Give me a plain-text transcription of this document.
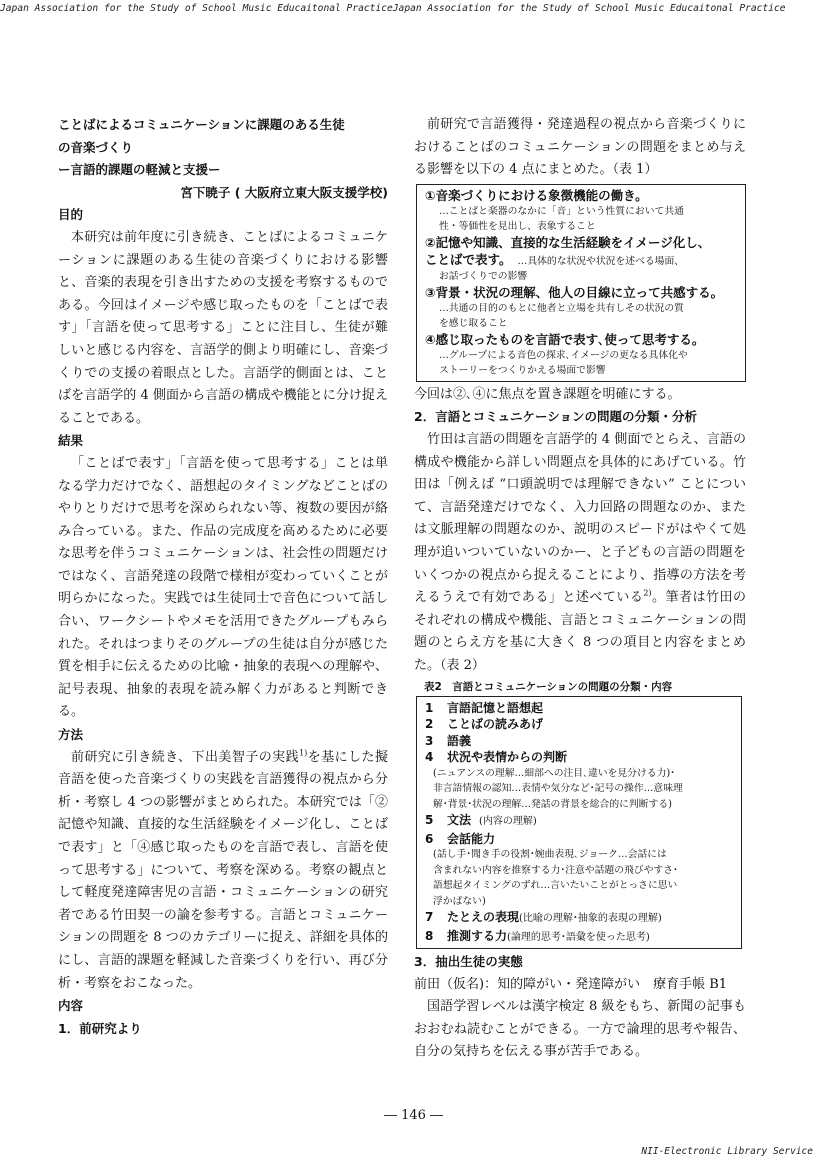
Japan Association for the Study of School Music Educaitonal PracticeJapan Association for the Study of School Music Educaitonal Practice

ことばによるコミュニケーションに課題のある生徒

の音楽づくり

ー言語的課題の軽減と支援ー

宮下暁子 ( 大阪府立東大阪支援学校)

目的

本研究は前年度に引き続き、ことばによるコミュニケーションに課題のある生徒の音楽づくりにおける影響と、音楽的表現を引き出すための支援を考察するものである。今回はイメージや感じ取ったものを「ことばで表す」「言語を使って思考する」ことに注目し、生徒が難しいと感じる内容を、言語学的側より明確にし、音楽づくりでの支援の着眼点とした。言語学的側面とは、ことばを言語学的 4 側面から言語の構成や機能とに分け捉えることである。

結果

「ことばで表す」「言語を使って思考する」ことは単なる学力だけでなく、語想起のタイミングなどことばのやりとりだけで思考を深められない等、複数の要因が絡み合っている。また、作品の完成度を高めるために必要な思考を伴うコミュニケーションは、社会性の問題だけではなく、言語発達の段階で様相が変わっていくことが明らかになった。実践では生徒同士で音色について話し合い、ワークシートやメモを活用できたグループもみられた。それはつまりそのグループの生徒は自分が感じた質を相手に伝えるための比喩・抽象的表現への理解や、記号表現、抽象的表現を読み解く力があると判断できる。

方法

前研究に引き続き、下出美智子の実践$^{1)}$を基にした擬音語を使った音楽づくりの実践を言語獲得の視点から分析・考察し 4 つの影響がまとめられた。本研究では「②記憶や知識、直接的な生活経験をイメージ化し、ことばで表す」と「④感じ取ったものを言語で表し、言語を使って思考する」について、考察を深める。考察の観点として軽度発達障害児の言語・コミュニケーションの研究者である竹田契一の論を参考する。言語とコミュニケーションの問題を 8 つのカテゴリーに捉え、詳細を具体的にし、言語的課題を軽減した音楽づくりを行い、再び分析・考察をおこなった。

内容

1．前研究より

前研究で言語獲得・発達過程の視点から音楽づくりにおけることばのコミュニケーションの問題をまとめ与える影響を以下の 4 点にまとめた。（表 1）

①音楽づくりにおける象徴機能の働き。

…ことばと楽器のなかに「音」という性質において共通

性・等価性を見出し、表象すること

②記憶や知識、直接的な生活経験をイメージ化し、

ことばで表す。 …具体的な状況や状況を述べる場面、

お話づくりでの影響

③背景・状況の理解、他人の目線に立って共感する。

…共通の目的のもとに他者と立場を共有しその状況の質

を感じ取ること

④感じ取ったものを言語で表す､使って思考する。

…グループによる音色の探求､イメージの更なる具体化や

ストーリーをつくりかえる場面で影響

今回は②､④に焦点を置き課題を明確にする。

2．言語とコミュニケーションの問題の分類・分析

竹田は言語の問題を言語学的 4 側面でとらえ、言語の構成や機能から詳しい問題点を具体的にあげている。竹田は「例えば “口頭説明では理解できない” ことについて、言語発達だけでなく、入力回路の問題なのか、または文脈理解の問題なのか、説明のスピードがはやくて処理が追いついていないのかー、と子どもの言語の問題をいくつかの視点から捉えることにより、指導の方法を考えるうえで有効である」と述べている$^{2)}$。筆者は竹田のそれぞれの構成や機能、言語とコミュニケーションの問題のとらえ方を基に大きく 8 つの項目と内容をまとめた。（表 2）

表2　言語とコミュニケーションの問題の分類・内容

1 言語記憶と語想起

2 ことばの読みあげ

3 語義

4 状況や表情からの判断

(ニュアンスの理解…細部への注目､違いを見分ける力)･

非言語情報の認知…表情や気分など･記号の操作…意味理

解･背景･状況の理解…発話の背景を総合的に判断する)

5 文法 (内容の理解)

6 会話能力

(話し手･聞き手の役割･婉曲表現､ジョーク…会話には

含まれない内容を推察する力･注意や話題の飛びやすさ･

語想起タイミングのずれ…言いたいことがとっさに思い

浮かばない)

7 たとえの表現(比喩の理解･抽象的表現の理解)

8 推測する力(論理的思考･語彙を使った思考)

3．抽出生徒の実態

前田（仮名)：知的障がい・発達障がい　療育手帳 B1

国語学習レベルは漢字検定 8 級をもち、新聞の記事もおおむね読むことができる。一方で論理的思考や報告、自分の気持ちを伝える事が苦手である。

― 146 ―
NII-Electronic Library Service
